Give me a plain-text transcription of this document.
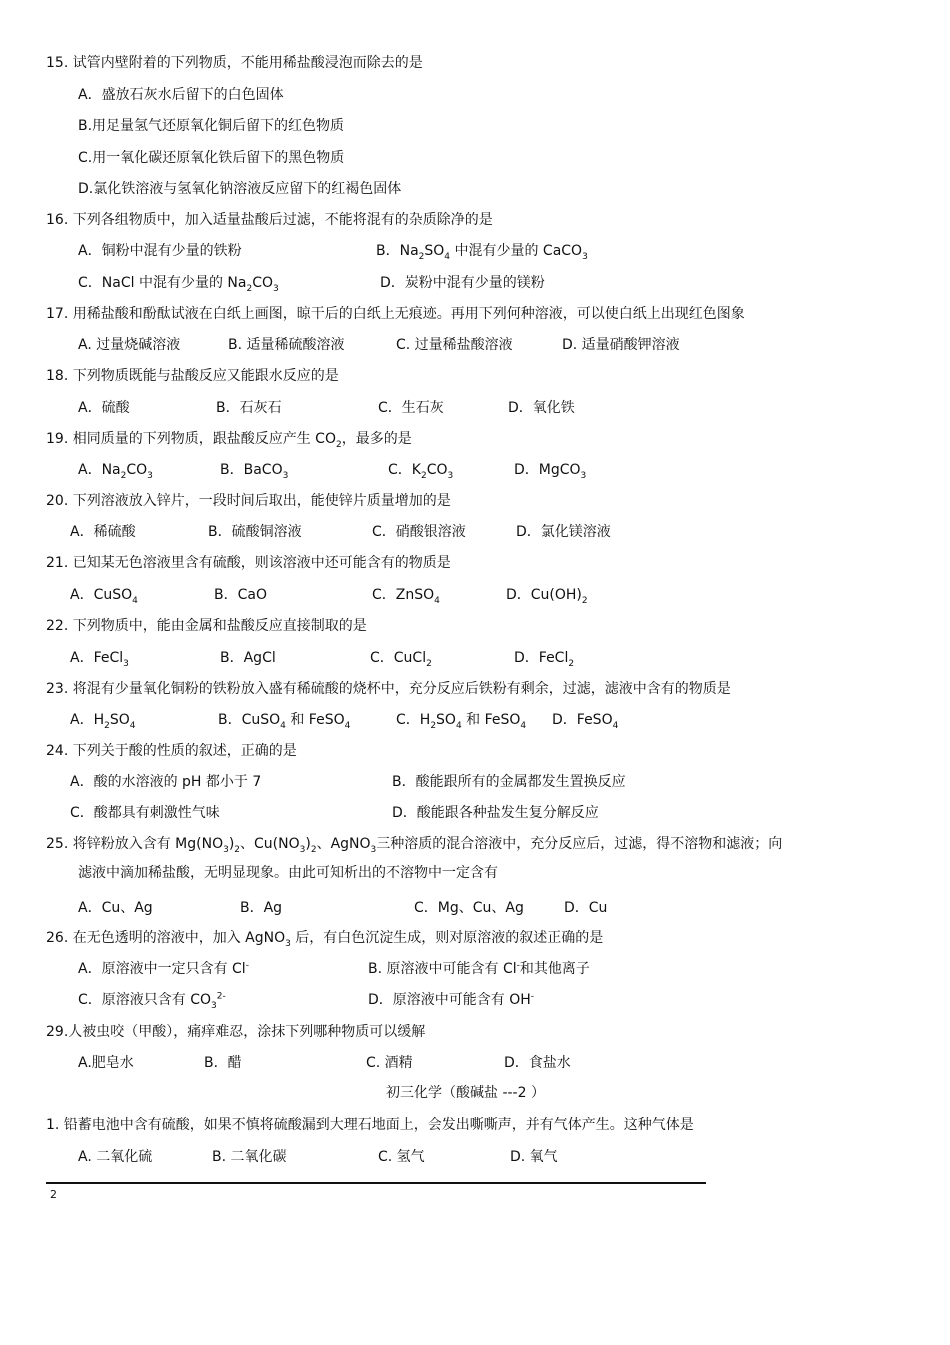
15. 试管内壁附着的下列物质，不能用稀盐酸浸泡而除去的是
A．盛放石灰水后留下的白色固体
B.用足量氢气还原氧化铜后留下的红色物质
C.用一氧化碳还原氧化铁后留下的黑色物质
D.氯化铁溶液与氢氧化钠溶液反应留下的红褐色固体
16. 下列各组物质中，加入适量盐酸后过滤，不能将混有的杂质除净的是
A．铜粉中混有少量的铁粉	B．$Na_2SO_4$ 中混有少量的 CaCO$_3$
C．NaCl 中混有少量的 $Na_2CO_3$	D．炭粉中混有少量的镁粉
17. 用稀盐酸和酚酞试液在白纸上画图，晾干后的白纸上无痕迹。再用下列何种溶液，可以使白纸上出现红色图象
A. 过量烧碱溶液	B. 适量稀硫酸溶液	C. 过量稀盐酸溶液	D. 适量硝酸钾溶液
18. 下列物质既能与盐酸反应又能跟水反应的是
A．硫酸	B．石灰石	C．生石灰	D．氧化铁
19. 相同质量的下列物质，跟盐酸反应产生 $CO_2$，最多的是
A．$Na_2CO_3$	B．BaCO$_3$	C．$K_2CO_3$	D．MgCO$_3$
20. 下列溶液放入锌片，一段时间后取出，能使锌片质量增加的是
A．稀硫酸	B．硫酸铜溶液	C．硝酸银溶液	D．氯化镁溶液
21. 已知某无色溶液里含有硫酸，则该溶液中还可能含有的物质是
A．CuSO$_4$	B．CaO	C．ZnSO$_4$	D．$Cu(OH)_2$
22. 下列物质中，能由金属和盐酸反应直接制取的是
A．FeCl$_3$	B．AgCl	C．CuCl$_2$	D．FeCl$_2$
23. 将混有少量氧化铜粉的铁粉放入盛有稀硫酸的烧杯中，充分反应后铁粉有剩余，过滤，滤液中含有的物质是
A．$H_2SO_4$	B．CuSO$_4$ 和 FeSO$_4$	C．$H_2SO_4$ 和 FeSO$_4$ D．FeSO$_4$
24. 下列关于酸的性质的叙述，正确的是
A．酸的水溶液的 pH 都小于 7	B．酸能跟所有的金属都发生置换反应
C．酸都具有刺激性气味	D．酸能跟各种盐发生复分解反应
25. 将锌粉放入含有 $Mg(NO_3)_2$、$Cu(NO_3)_2$、AgNO$_3$三种溶质的混合溶液中，充分反应后，过滤，得不溶物和滤液；向
滤液中滴加稀盐酸，无明显现象。由此可知析出的不溶物中一定含有
A．Cu、Ag	B．Ag	C．Mg、Cu、Ag	D．Cu
26. 在无色透明的溶液中，加入 AgNO$_3$ 后，有白色沉淀生成，则对原溶液的叙述正确的是
A．原溶液中一定只含有 Cl-	B. 原溶液中可能含有 Cl-和其他离子
C．原溶液只含有 $CO_3^{2-}$	D．原溶液中可能含有 OH-
29.人被虫咬（甲酸），痛痒难忍，涂抹下列哪种物质可以缓解
A.肥皂水	B．醋	C. 酒精	D．食盐水
初三化学（酸碱盐 ---2 ）
1. 铅蓄电池中含有硫酸，如果不慎将硫酸漏到大理石地面上，会发出嘶嘶声，并有气体产生。这种气体是
A. 二氧化硫	B. 二氧化碳	C. 氢气	D. 氧气
2
